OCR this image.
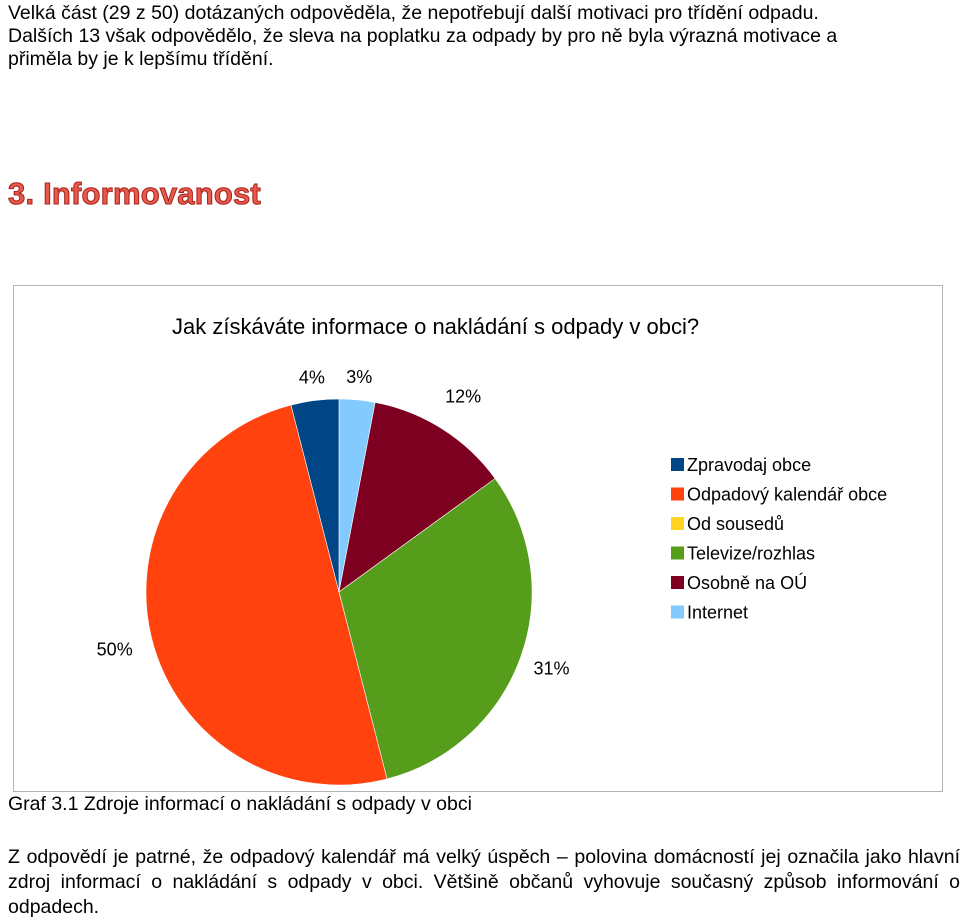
Velká část (29 z 50) dotázaných odpověděla, že nepotřebují další motivaci pro třídění odpadu.
Dalších 13 však odpovědělo, že sleva na poplatku za odpady by pro ně byla výrazná motivace a
přiměla by je k lepšímu třídění.
3. Informovanost
Jak získáváte informace o nakládání s odpady v obci?
3%
12%
31%
50%
4%
Zpravodaj obce
Odpadový kalendář obce
Od sousedů
Televize/rozhlas
Osobně na OÚ
Internet
Graf 3.1 Zdroje informací o nakládání s odpady v obci
Z odpovědí je patrné, že odpadový kalendář má velký úspěch – polovina domácností jej označila jako hlavní zdroj informací o nakládání s odpady v obci. Většině občanů vyhovuje současný způsob informování o odpadech.
